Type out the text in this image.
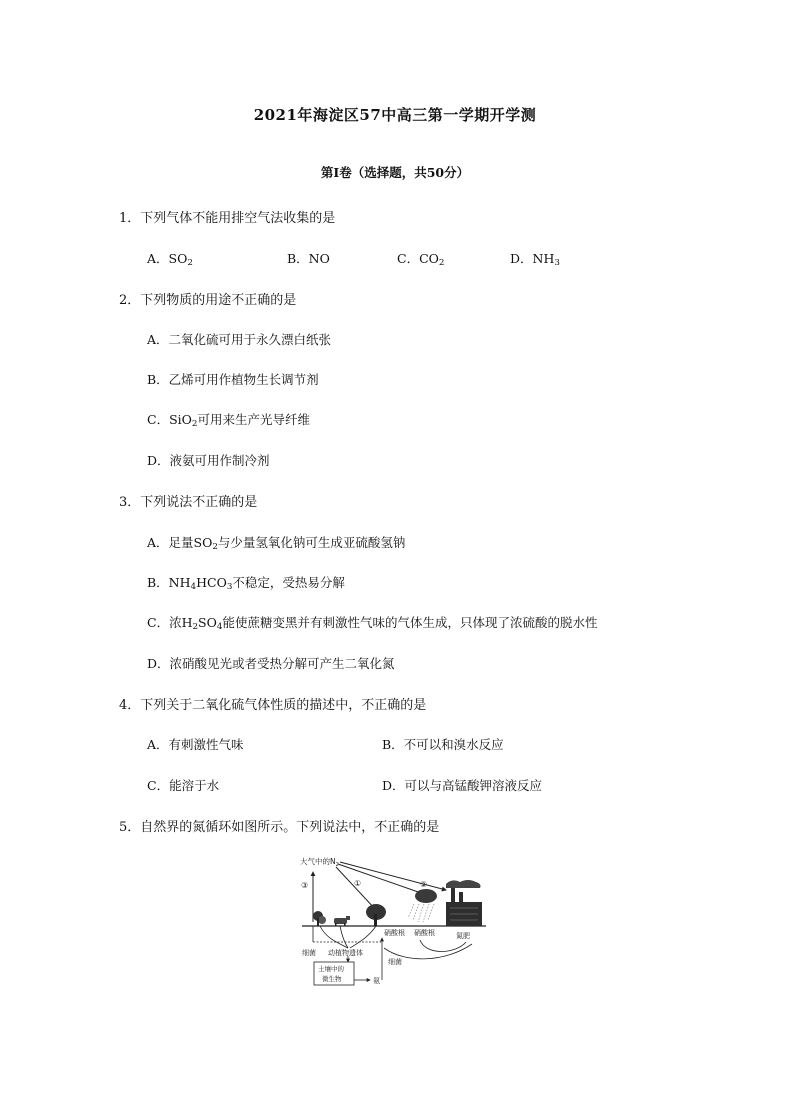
2021年海淀区57中高三第一学期开学测
第Ⅰ卷（选择题，共50分）
1．下列气体不能用排空气法收集的是
A．$SO_2$	B．NO	C．$CO_2$	D．$NH_3$
2．下列物质的用途不正确的是
A．二氧化硫可用于永久漂白纸张
B．乙烯可用作植物生长调节剂
C．SiO$_2$可用来生产光导纤维
D．液氨可用作制冷剂
3．下列说法不正确的是
A．足量$SO_2$与少量氢氧化钠可生成亚硫酸氢钠
B．$NH_4HCO_3$不稳定，受热易分解
C．浓$H_2SO_4$能使蔗糖变黑并有刺激性气味的气体生成，只体现了浓硫酸的脱水性
D．浓硝酸见光或者受热分解可产生二氧化氮
4．下列关于二氧化硫气体性质的描述中，不正确的是
A．有刺激性气味	B．不可以和溴水反应
C．能溶于水	D．可以与高锰酸钾溶液反应
5．自然界的氮循环如图所示。下列说法中，不正确的是
大气中的$N_2$
③	①	②
硝酸根 硝酸根	氮肥
细菌 动植物遗体
细菌
土壤中的
微生物	氨
